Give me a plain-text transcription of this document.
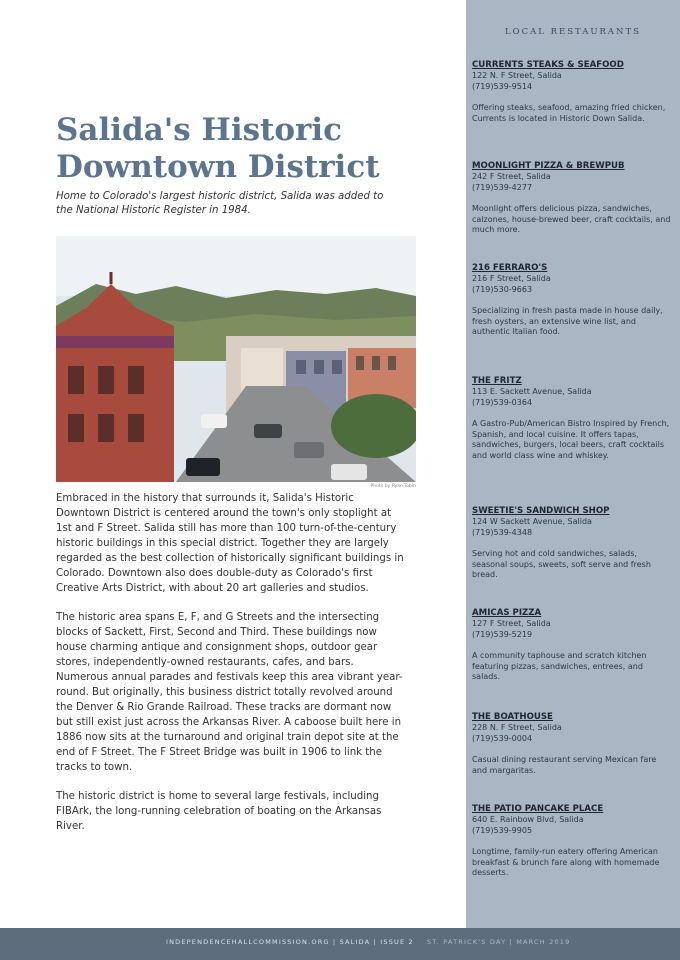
Salida's Historic Downtown District
Home to Colorado's largest historic district, Salida was added to the National Historic Register in 1984.
Photo by Ryan Tobin

Embraced in the history that surrounds it, Salida's Historic Downtown District is centered around the town's only stoplight at 1st and F Street. Salida still has more than 100 turn-of-the-century historic buildings in this special district. Together they are largely regarded as the best collection of historically significant buildings in Colorado. Downtown also does double-duty as Colorado's first Creative Arts District, with about 20 art galleries and studios.

The historic area spans E, F, and G Streets and the intersecting blocks of Sackett, First, Second and Third. These buildings now house charming antique and consignment shops, outdoor gear stores, independently-owned restaurants, cafes, and bars. Numerous annual parades and festivals keep this area vibrant year-round. But originally, this business district totally revolved around the Denver & Rio Grande Railroad. These tracks are dormant now but still exist just across the Arkansas River. A caboose built here in 1886 now sits at the turnaround and original train depot site at the end of F Street. The F Street Bridge was built in 1906 to link the tracks to town.

The historic district is home to several large festivals, including FIBArk, the long-running celebration of boating on the Arkansas River.

LOCAL RESTAURANTS
CURRENTS STEAKS & SEAFOOD
122 N. F Street, Salida
(719)539-9514
Offering steaks, seafood, amazing fried chicken, Currents is located in Historic Down Salida.
MOONLIGHT PIZZA & BREWPUB
242 F Street, Salida
(719)539-4277
Moonlight offers delicious pizza, sandwiches, calzones, house-brewed beer, craft cocktails, and much more.
216 FERRARO'S
216 F Street, Salida
(719)530-9663
Specializing in fresh pasta made in house daily, fresh oysters, an extensive wine list, and authentic Italian food.
THE FRITZ
113 E. Sackett Avenue, Salida
(719)539-0364
A Gastro-Pub/American Bistro Inspired by French, Spanish, and local cuisine. It offers tapas, sandwiches, burgers, local beers, craft cocktails and world class wine and whiskey.
SWEETIE'S SANDWICH SHOP
124 W Sackett Avenue, Salida
(719)539-4348
Serving hot and cold sandwiches, salads, seasonal soups, sweets, soft serve and fresh bread.
AMICAS PIZZA
127 F Street, Salida
(719)539-5219
A community taphouse and scratch kitchen featuring pizzas, sandwiches, entrees, and salads.
THE BOATHOUSE
228 N. F Street, Salida
(719)539-0004
Casual dining restaurant serving Mexican fare and margaritas.
THE PATIO PANCAKE PLACE
640 E. Rainbow Blvd, Salida
(719)539-9905
Longtime, family-run eatery offering American breakfast & brunch fare along with homemade desserts.
INDEPENDENCEHALLCOMMISSION.ORG | SALIDA | ISSUE 2 ST. PATRICK'S DAY | MARCH 2019
